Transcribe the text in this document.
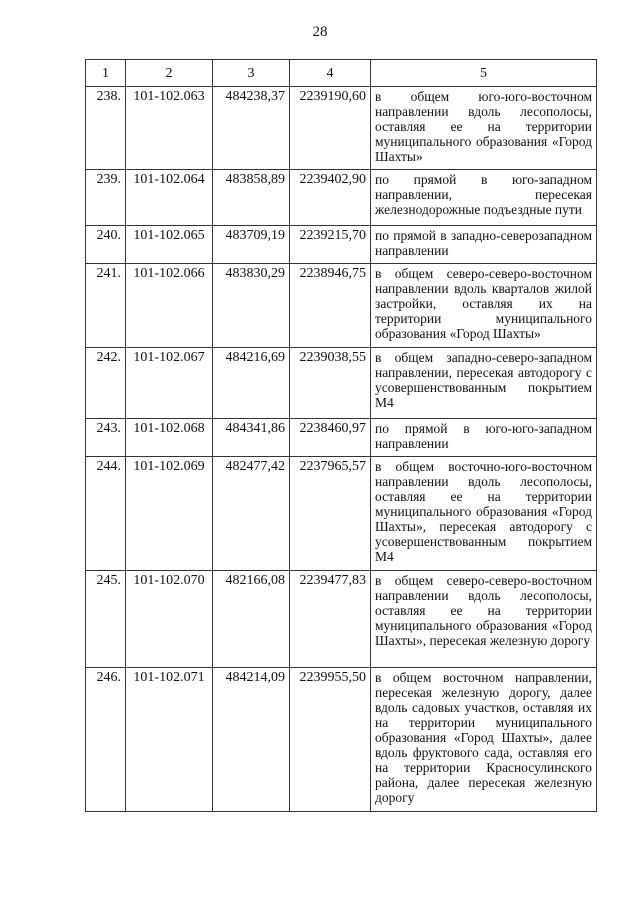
28
1	2	3	4	5
238.	101-102.063	484238,37	2239190,60	в общем юго-юго-восточном направлении вдоль лесополосы, оставляя ее на территории муниципального образования «Город Шахты»
239.	101-102.064	483858,89	2239402,90	по прямой в юго-западном направлении, пересекая железнодорожные подъездные пути
240.	101-102.065	483709,19	2239215,70	по прямой в западно-северозападном направлении
241.	101-102.066	483830,29	2238946,75	в общем северо-северо-восточном направлении вдоль кварталов жилой застройки, оставляя их на территории муниципального образования «Город Шахты»
242.	101-102.067	484216,69	2239038,55	в общем западно-северо-западном направлении, пересекая автодорогу с усовершенствованным покрытием М4
243.	101-102.068	484341,86	2238460,97	по прямой в юго-юго-западном направлении
244.	101-102.069	482477,42	2237965,57	в общем восточно-юго-восточном направлении вдоль лесополосы, оставляя ее на территории муниципального образования «Город Шахты», пересекая автодорогу с усовершенствованным покрытием М4
245.	101-102.070	482166,08	2239477,83	в общем северо-северо-восточном направлении вдоль лесополосы, оставляя ее на территории муниципального образования «Город Шахты», пересекая железную дорогу
246.	101-102.071	484214,09	2239955,50	в общем восточном направлении, пересекая железную дорогу, далее вдоль садовых участков, оставляя их на территории муниципального образования «Город Шахты», далее вдоль фруктового сада, оставляя его на территории Красносулинского района, далее пересекая железную дорогу
